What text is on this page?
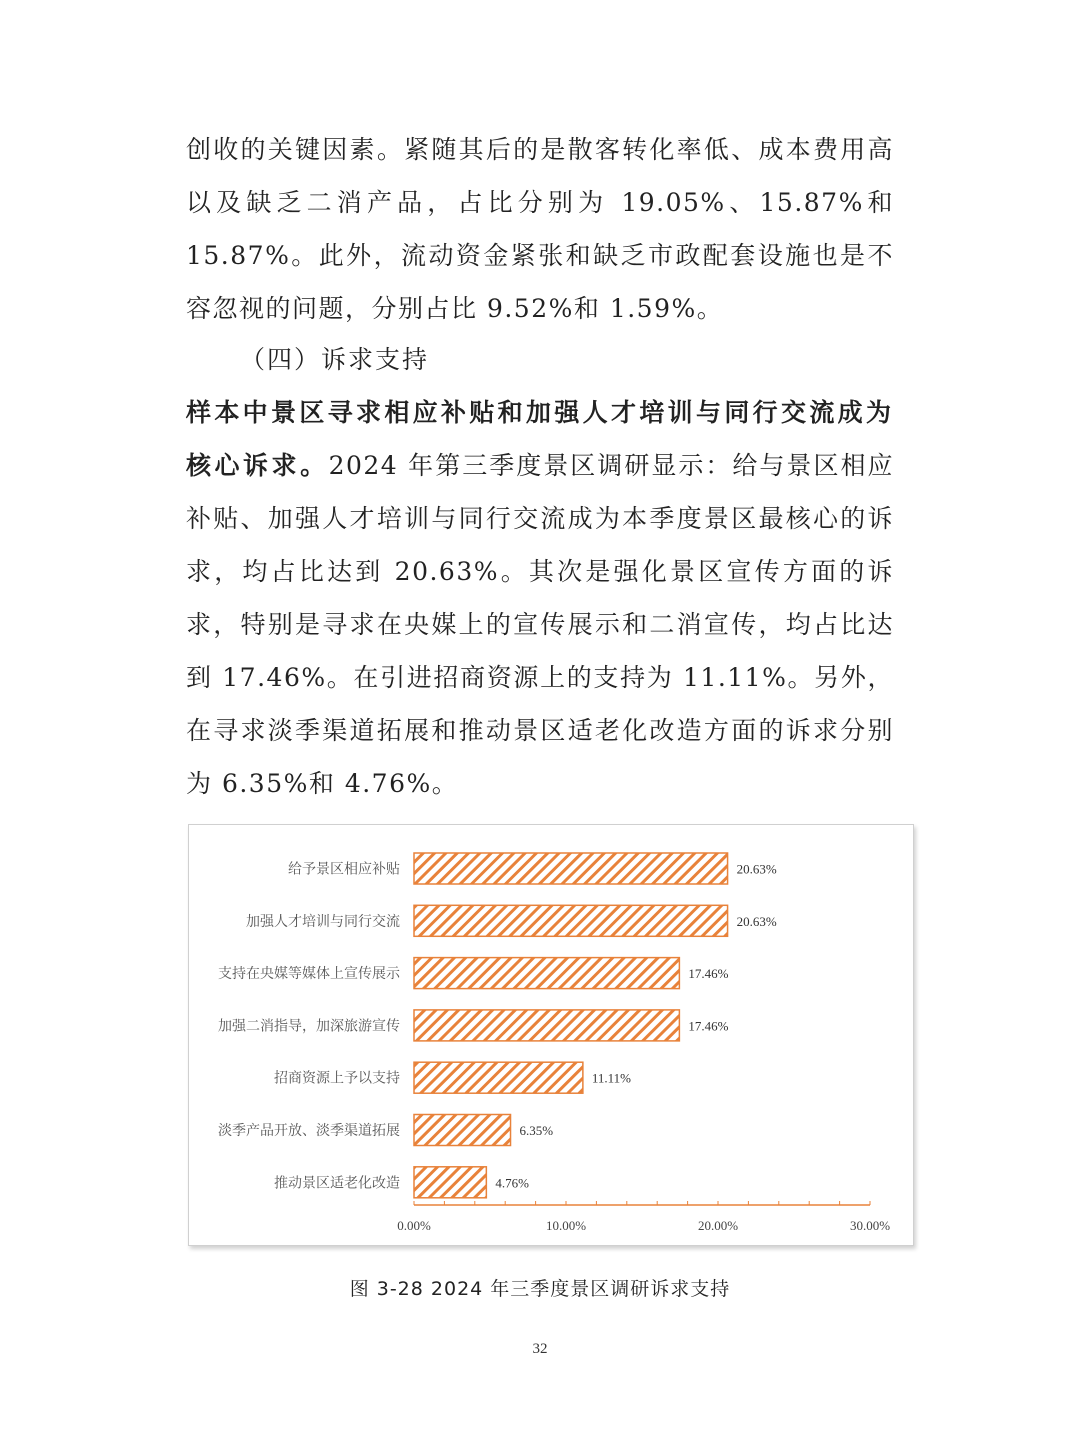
创收的关键因素。紧随其后的是散客转化率低、成本费用高以及缺乏二消产品，占比分别为 19.05%、15.87%和 15.87%。此外，流动资金紧张和缺乏市政配套设施也是不容忽视的问题，分别占比 9.52%和 1.59%。

（四）诉求支持

样本中景区寻求相应补贴和加强人才培训与同行交流成为核心诉求。2024 年第三季度景区调研显示：给与景区相应补贴、加强人才培训与同行交流成为本季度景区最核心的诉求，均占比达到 20.63%。其次是强化景区宣传方面的诉求，特别是寻求在央媒上的宣传展示和二消宣传，均占比达到 17.46%。在引进招商资源上的支持为 11.11%。另外，在寻求淡季渠道拓展和推动景区适老化改造方面的诉求分别为 6.35%和 4.76%。

给予景区相应补贴	20.63%
加强人才培训与同行交流	20.63%
支持在央媒等媒体上宣传展示	17.46%
加强二消指导，加深旅游宣传	17.46%
招商资源上予以支持	11.11%
淡季产品开放、淡季渠道拓展	6.35%
推动景区适老化改造	4.76%
0.00%	10.00%	20.00%	30.00%
图 3-28 2024 年三季度景区调研诉求支持
32
